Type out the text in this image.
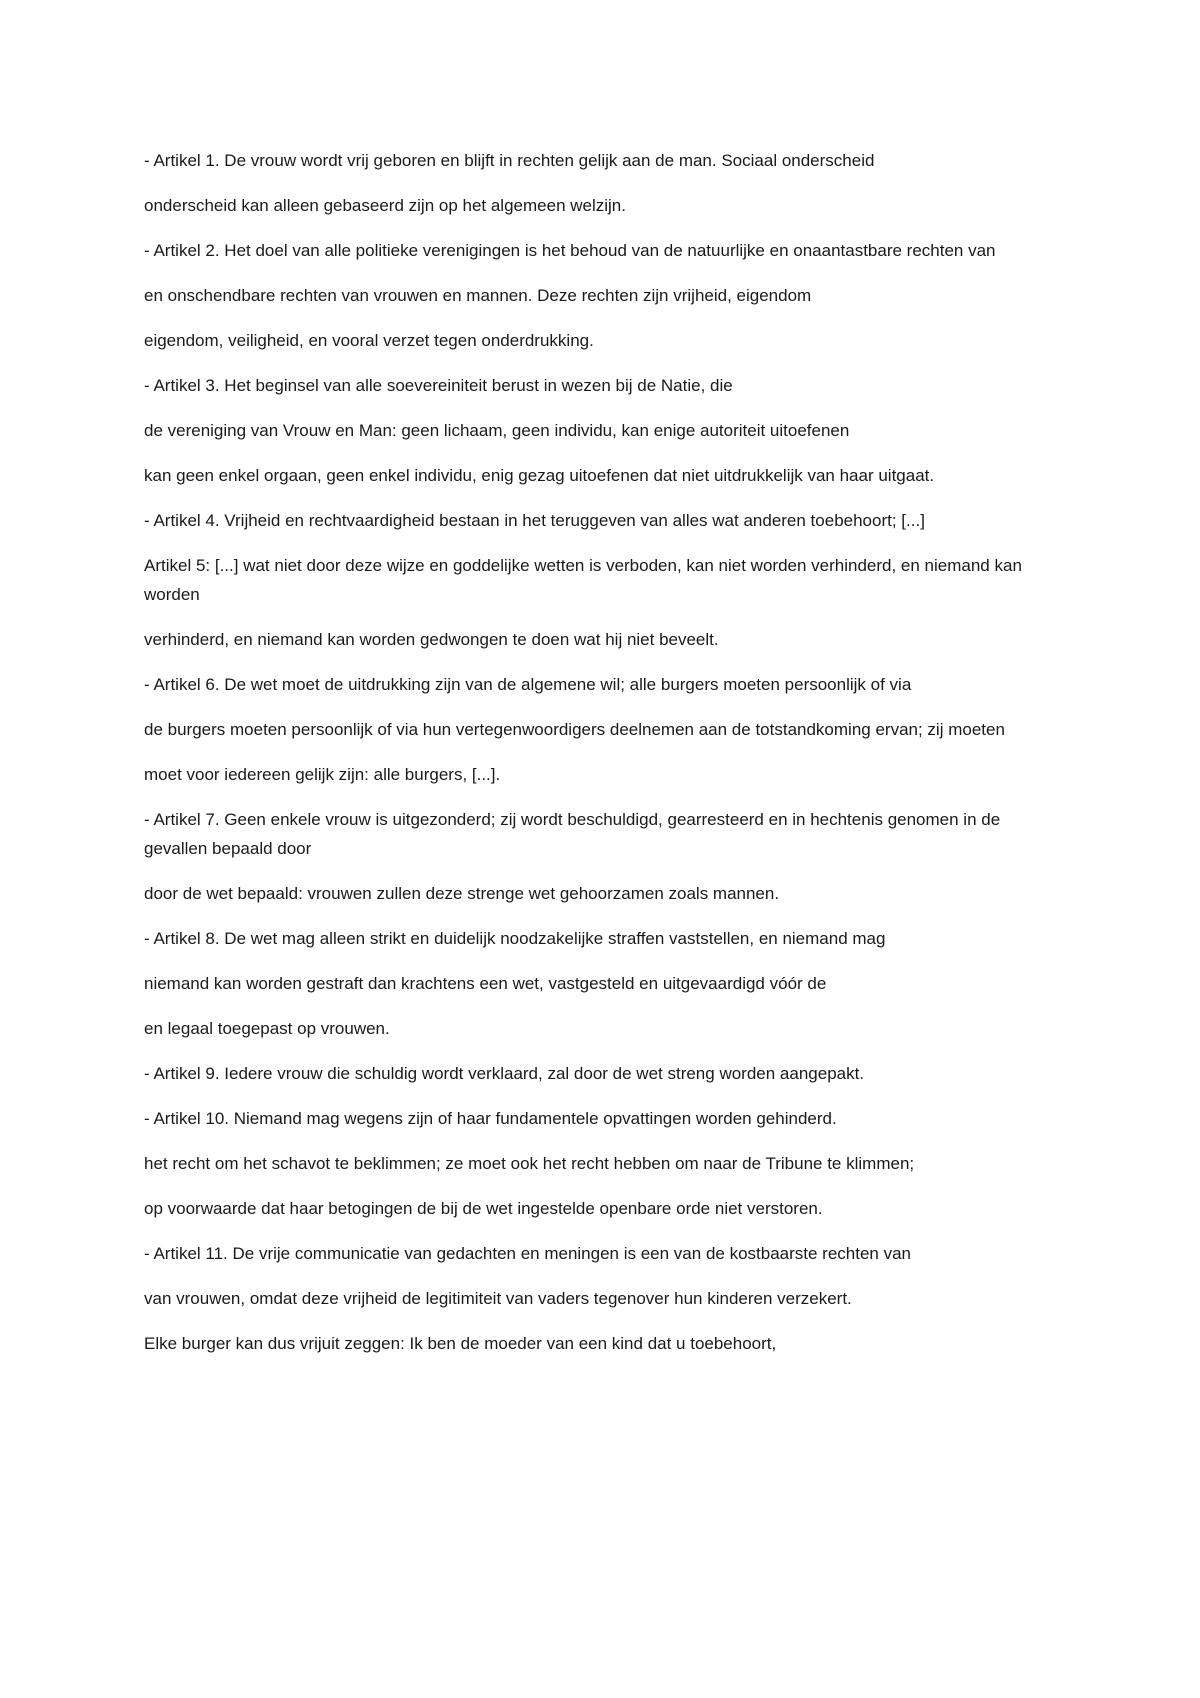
- Artikel 1. De vrouw wordt vrij geboren en blijft in rechten gelijk aan de man. Sociaal onderscheid

onderscheid kan alleen gebaseerd zijn op het algemeen welzijn.

- Artikel 2. Het doel van alle politieke verenigingen is het behoud van de natuurlijke en onaantastbare rechten van

en onschendbare rechten van vrouwen en mannen. Deze rechten zijn vrijheid, eigendom

eigendom, veiligheid, en vooral verzet tegen onderdrukking.

- Artikel 3. Het beginsel van alle soevereiniteit berust in wezen bij de Natie, die

de vereniging van Vrouw en Man: geen lichaam, geen individu, kan enige autoriteit uitoefenen

kan geen enkel orgaan, geen enkel individu, enig gezag uitoefenen dat niet uitdrukkelijk van haar uitgaat.

- Artikel 4. Vrijheid en rechtvaardigheid bestaan in het teruggeven van alles wat anderen toebehoort; [...]

Artikel 5: [...] wat niet door deze wijze en goddelijke wetten is verboden, kan niet worden verhinderd, en niemand kan worden

verhinderd, en niemand kan worden gedwongen te doen wat hij niet beveelt.

- Artikel 6. De wet moet de uitdrukking zijn van de algemene wil; alle burgers moeten persoonlijk of via

de burgers moeten persoonlijk of via hun vertegenwoordigers deelnemen aan de totstandkoming ervan; zij moeten

moet voor iedereen gelijk zijn: alle burgers, [...].

- Artikel 7. Geen enkele vrouw is uitgezonderd; zij wordt beschuldigd, gearresteerd en in hechtenis genomen in de gevallen bepaald door

door de wet bepaald: vrouwen zullen deze strenge wet gehoorzamen zoals mannen.

- Artikel 8. De wet mag alleen strikt en duidelijk noodzakelijke straffen vaststellen, en niemand mag

niemand kan worden gestraft dan krachtens een wet, vastgesteld en uitgevaardigd vóór de

en legaal toegepast op vrouwen.

- Artikel 9. Iedere vrouw die schuldig wordt verklaard, zal door de wet streng worden aangepakt.

- Artikel 10. Niemand mag wegens zijn of haar fundamentele opvattingen worden gehinderd.

het recht om het schavot te beklimmen; ze moet ook het recht hebben om naar de Tribune te klimmen;

op voorwaarde dat haar betogingen de bij de wet ingestelde openbare orde niet verstoren.

- Artikel 11. De vrije communicatie van gedachten en meningen is een van de kostbaarste rechten van

van vrouwen, omdat deze vrijheid de legitimiteit van vaders tegenover hun kinderen verzekert.

Elke burger kan dus vrijuit zeggen: Ik ben de moeder van een kind dat u toebehoort,
